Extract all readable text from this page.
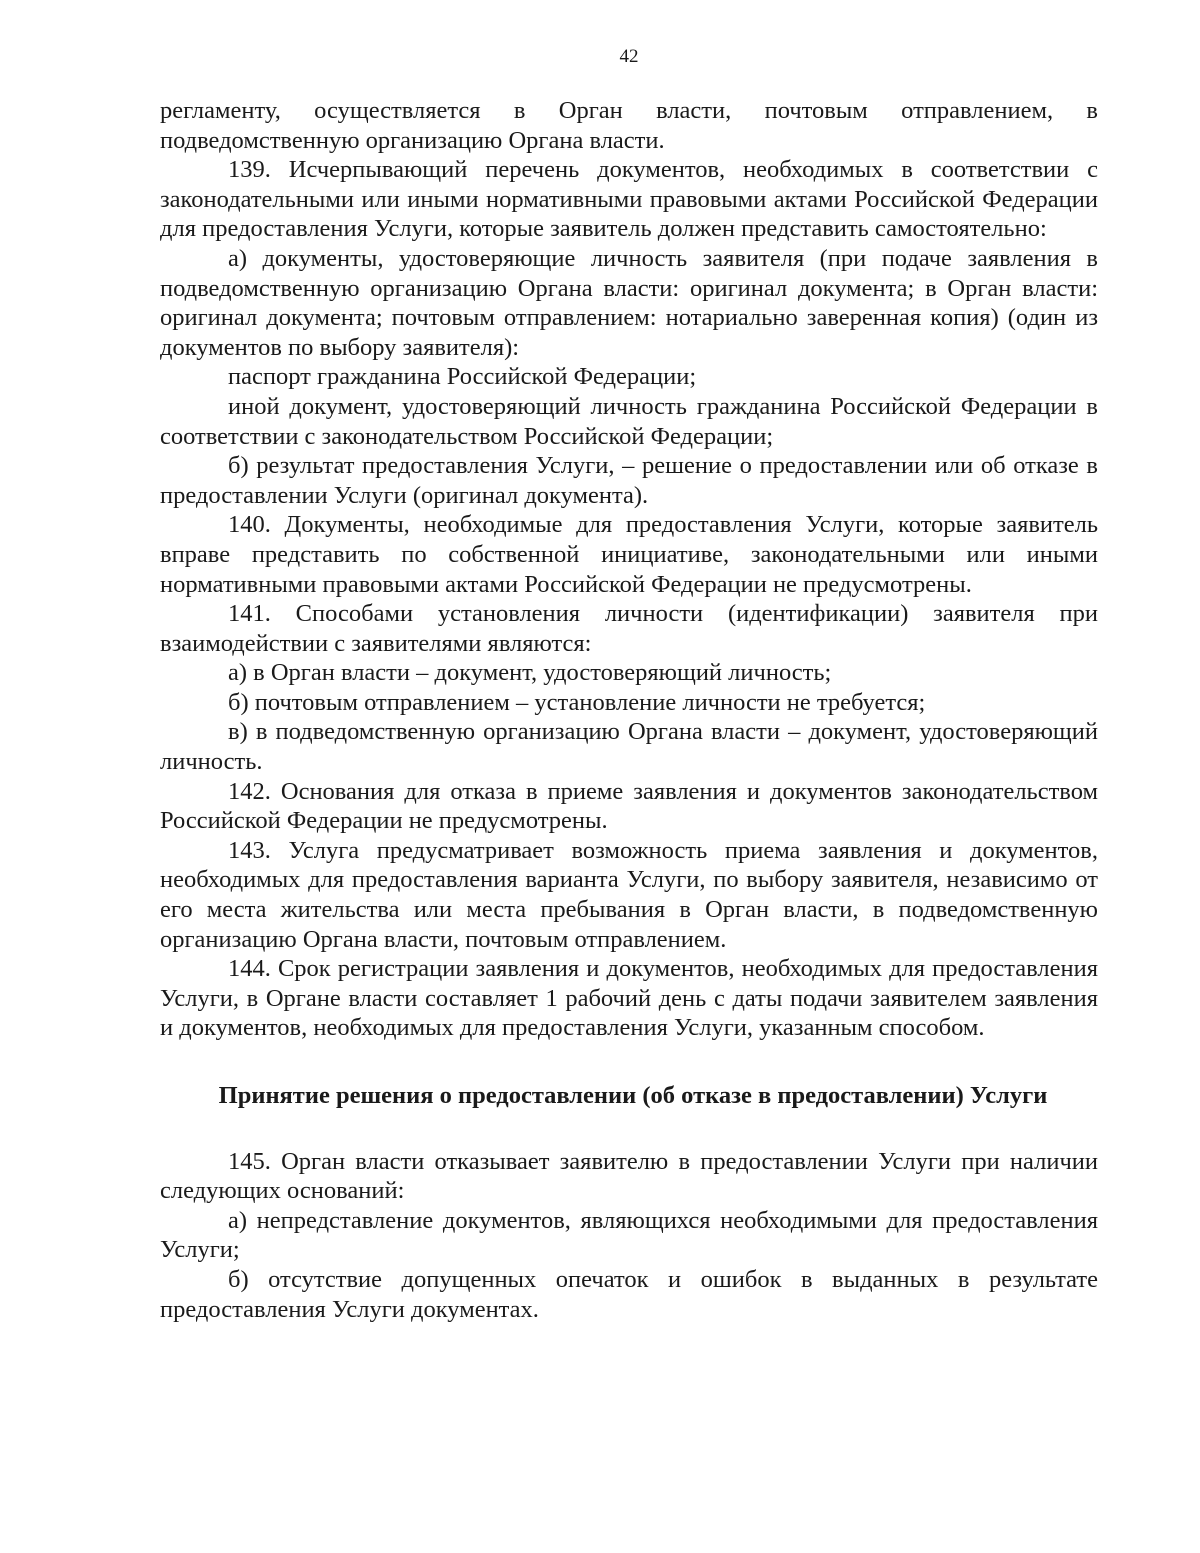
42

регламенту, осуществляется в Орган власти, почтовым отправлением, в подведомственную организацию Органа власти.

139. Исчерпывающий перечень документов, необходимых в соответствии с законодательными или иными нормативными правовыми актами Российской Федерации для предоставления Услуги, которые заявитель должен представить самостоятельно:

а) документы, удостоверяющие личность заявителя (при подаче заявления в подведомственную организацию Органа власти: оригинал документа; в Орган власти: оригинал документа; почтовым отправлением: нотариально заверенная копия) (один из документов по выбору заявителя):

паспорт гражданина Российской Федерации;

иной документ, удостоверяющий личность гражданина Российской Федерации в соответствии с законодательством Российской Федерации;

б) результат предоставления Услуги, – решение о предоставлении или об отказе в предоставлении Услуги (оригинал документа).

140. Документы, необходимые для предоставления Услуги, которые заявитель вправе представить по собственной инициативе, законодательными или иными нормативными правовыми актами Российской Федерации не предусмотрены.

141. Способами установления личности (идентификации) заявителя при взаимодействии с заявителями являются:

а) в Орган власти – документ, удостоверяющий личность;

б) почтовым отправлением – установление личности не требуется;

в) в подведомственную организацию Органа власти – документ, удостоверяющий личность.

142. Основания для отказа в приеме заявления и документов законодательством Российской Федерации не предусмотрены.

143. Услуга предусматривает возможность приема заявления и документов, необходимых для предоставления варианта Услуги, по выбору заявителя, независимо от его места жительства или места пребывания в Орган власти, в подведомственную организацию Органа власти, почтовым отправлением.

144. Срок регистрации заявления и документов, необходимых для предоставления Услуги, в Органе власти составляет 1 рабочий день с даты подачи заявителем заявления и документов, необходимых для предоставления Услуги, указанным способом.

Принятие решения о предоставлении (об отказе в предоставлении) Услуги

145. Орган власти отказывает заявителю в предоставлении Услуги при наличии следующих оснований:

а) непредставление документов, являющихся необходимыми для предоставления Услуги;

б) отсутствие допущенных опечаток и ошибок в выданных в результате предоставления Услуги документах.
